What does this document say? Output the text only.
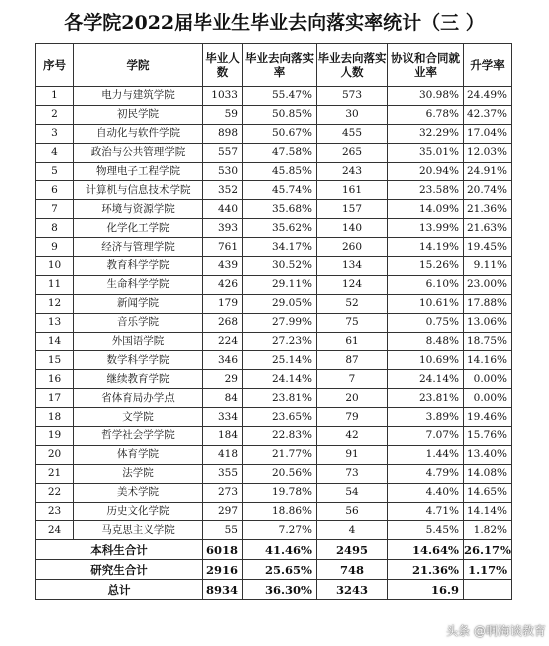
各学院2022届毕业生毕业去向落实率统计（三 ）
序号	学院	毕业人数	毕业去向落实率	毕业去向落实人数	协议和合同就业率	升学率
1	电力与建筑学院	1033	55.47%	573	30.98%	24.49%
2	初民学院	59	50.85%	30	6.78%	42.37%
3	自动化与软件学院	898	50.67%	455	32.29%	17.04%
4	政治与公共管理学院	557	47.58%	265	35.01%	12.03%
5	物理电子工程学院	530	45.85%	243	20.94%	24.91%
6	计算机与信息技术学院	352	45.74%	161	23.58%	20.74%
7	环境与资源学院	440	35.68%	157	14.09%	21.36%
8	化学化工学院	393	35.62%	140	13.99%	21.63%
9	经济与管理学院	761	34.17%	260	14.19%	19.45%
10	教育科学学院	439	30.52%	134	15.26%	9.11%
11	生命科学学院	426	29.11%	124	6.10%	23.00%
12	新闻学院	179	29.05%	52	10.61%	17.88%
13	音乐学院	268	27.99%	75	0.75%	13.06%
14	外国语学院	224	27.23%	61	8.48%	18.75%
15	数学科学学院	346	25.14%	87	10.69%	14.16%
16	继续教育学院	29	24.14%	7	24.14%	0.00%
17	省体育局办学点	84	23.81%	20	23.81%	0.00%
18	文学院	334	23.65%	79	3.89%	19.46%
19	哲学社会学学院	184	22.83%	42	7.07%	15.76%
20	体育学院	418	21.77%	91	1.44%	13.40%
21	法学院	355	20.56%	73	4.79%	14.08%
22	美术学院	273	19.78%	54	4.40%	14.65%
23	历史文化学院	297	18.86%	56	4.71%	14.14%
24	马克思主义学院	55	7.27%	4	5.45%	1.82%
本科生合计		6018	41.46%	2495	14.64%	26.17%
研究生合计		2916	25.65%	748	21.36%	1.17%
总计		8934	36.30%	3243	16.9	
头条 @啊海谈教育
